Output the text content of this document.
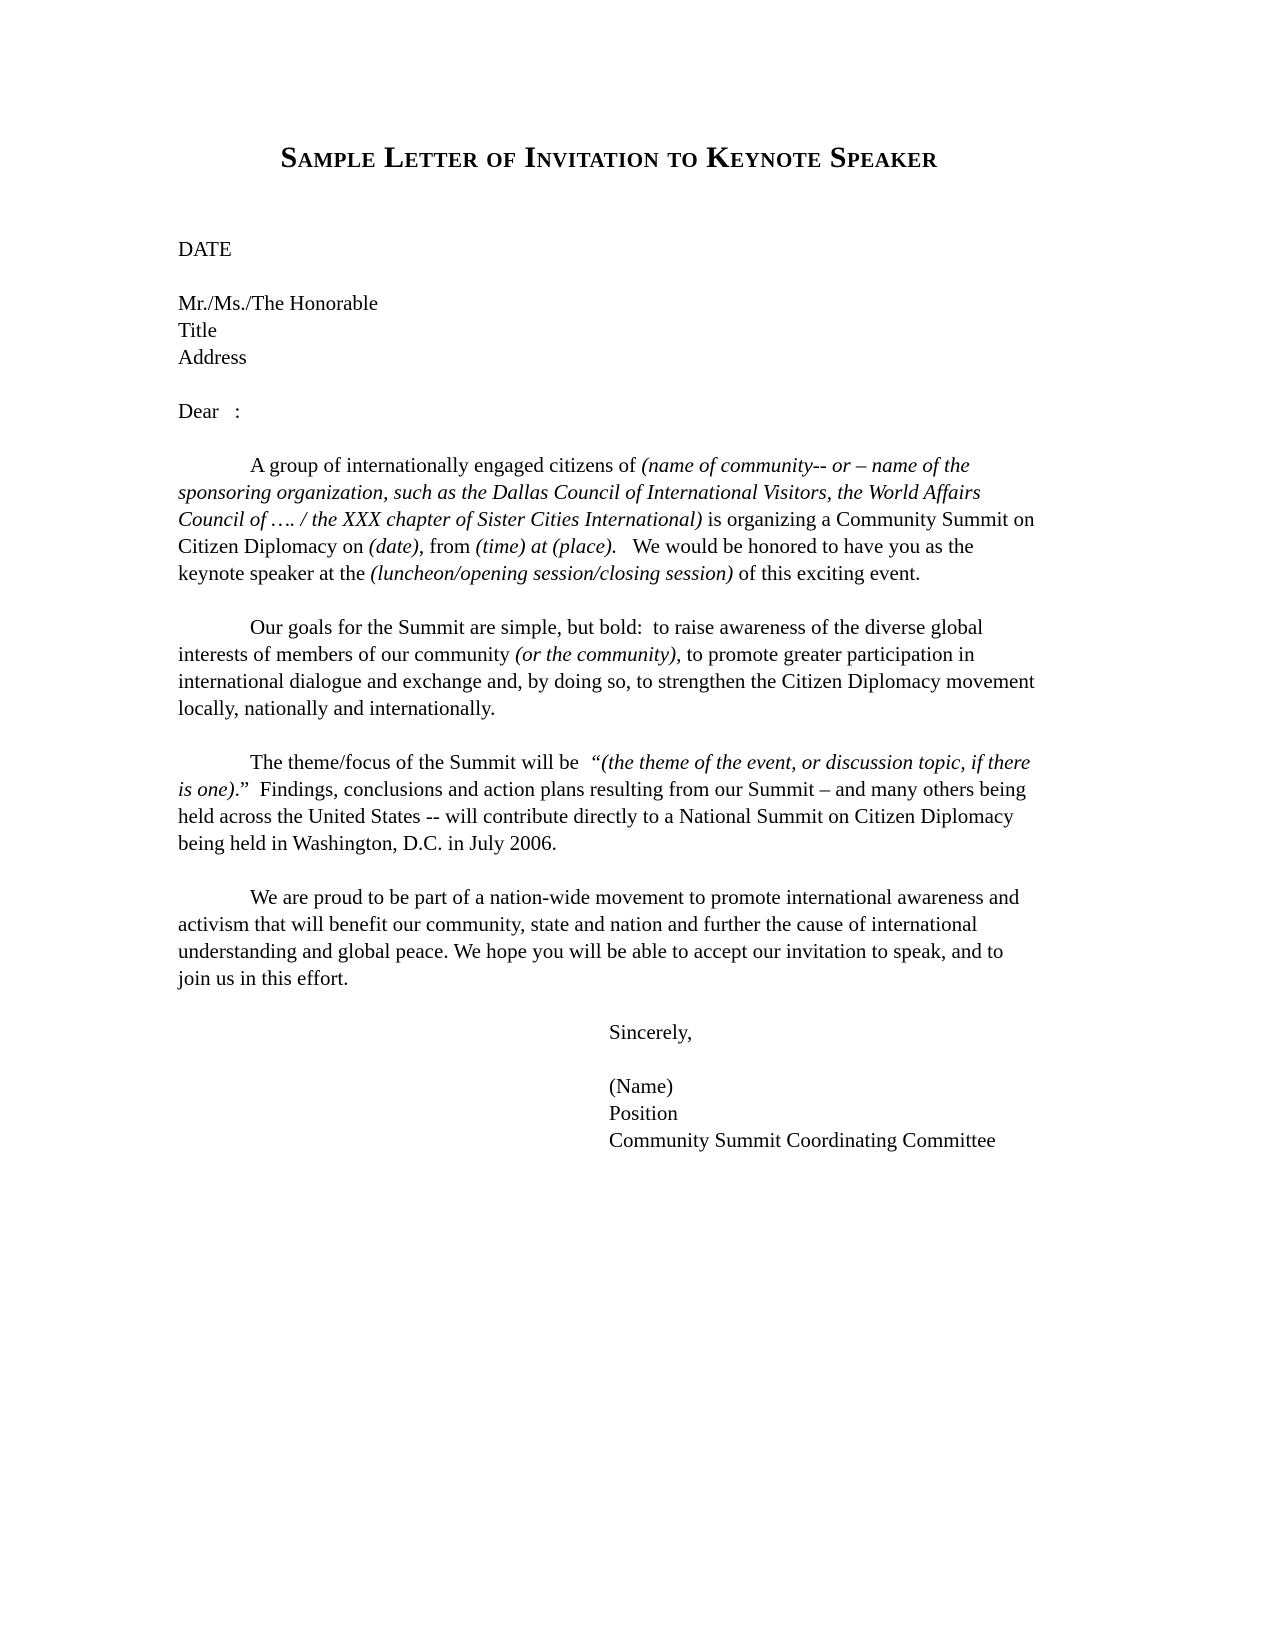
Sample Letter of Invitation to Keynote Speaker

DATE

Mr./Ms./The Honorable

Title

Address

Dear   :

A group of internationally engaged citizens of (name of community-- or – name of the sponsoring organization, such as the Dallas Council of International Visitors, the World Affairs Council of …. / the XXX chapter of Sister Cities International) is organizing a Community Summit on Citizen Diplomacy on (date), from (time) at (place).   We would be honored to have you as the keynote speaker at the (luncheon/opening session/closing session) of this exciting event.

Our goals for the Summit are simple, but bold:  to raise awareness of the diverse global interests of members of our community (or the community), to promote greater participation in international dialogue and exchange and, by doing so, to strengthen the Citizen Diplomacy movement locally, nationally and internationally.

The theme/focus of the Summit will be  “(the theme of the event, or discussion topic, if there is one).”  Findings, conclusions and action plans resulting from our Summit – and many others being held across the United States -- will contribute directly to a National Summit on Citizen Diplomacy being held in Washington, D.C. in July 2006.

We are proud to be part of a nation-wide movement to promote international awareness and activism that will benefit our community, state and nation and further the cause of international understanding and global peace. We hope you will be able to accept our invitation to speak, and to join us in this effort.

Sincerely,

(Name)

Position

Community Summit Coordinating Committee
